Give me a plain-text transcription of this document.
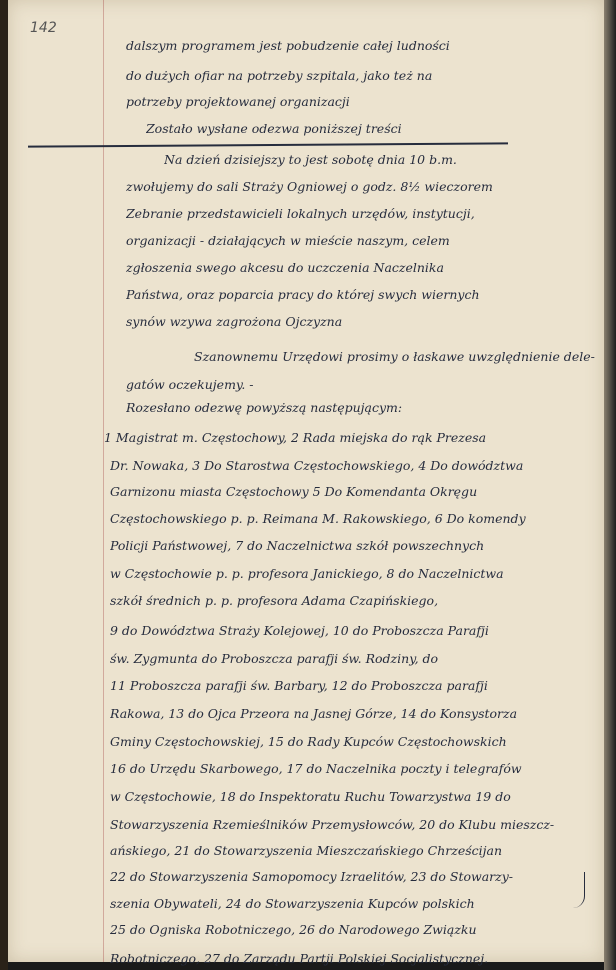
142
dalszym programem jest pobudzenie całej ludności
do dużych ofiar na potrzeby szpitala, jako też na
potrzeby projektowanej organizacji
Zostało wysłane odezwa poniższej treści
Na dzień dzisiejszy to jest sobotę dnia 10 b.m.
zwołujemy do sali Straży Ogniowej o godz. 8½ wieczorem
Zebranie przedstawicieli lokalnych urzędów, instytucji,
organizacji - działających w mieście naszym, celem
zgłoszenia swego akcesu do uczczenia Naczelnika
Państwa, oraz poparcia pracy do której swych wiernych
synów wzywa zagrożona Ojczyzna
Szanownemu Urzędowi prosimy o łaskawe uwzględnienie dele-
gatów oczekujemy. -
Rozesłano odezwę powyższą następującym:
1 Magistrat m. Częstochowy, 2 Rada miejska do rąk Prezesa
Dr. Nowaka, 3 Do Starostwa Częstochowskiego, 4 Do dowództwa
Garnizonu miasta Częstochowy 5 Do Komendanta Okręgu
Częstochowskiego p. p. Reimana M. Rakowskiego, 6 Do komendy
Policji Państwowej, 7 do Naczelnictwa szkół powszechnych
w Częstochowie p. p. profesora Janickiego, 8 do Naczelnictwa
szkół średnich p. p. profesora Adama Czapińskiego,
9 do Dowództwa Straży Kolejowej, 10 do Proboszcza Parafji
św. Zygmunta do Proboszcza parafji św. Rodziny, do
11 Proboszcza parafji św. Barbary, 12 do Proboszcza parafji
Rakowa, 13 do Ojca Przeora na Jasnej Górze, 14 do Konsystorza
Gminy Częstochowskiej, 15 do Rady Kupców Częstochowskich
16 do Urzędu Skarbowego, 17 do Naczelnika poczty i telegrafów
w Częstochowie, 18 do Inspektoratu Ruchu Towarzystwa 19 do
Stowarzyszenia Rzemieślników Przemysłowców, 20 do Klubu mieszcz-
ańskiego, 21 do Stowarzyszenia Mieszczańskiego Chrześcijan
22 do Stowarzyszenia Samopomocy Izraelitów, 23 do Stowarzy-
szenia Obywateli, 24 do Stowarzyszenia Kupców polskich
25 do Ogniska Robotniczego, 26 do Narodowego Związku
Robotniczego, 27 do Zarządu Partji Polskiej Socjalistycznej.
